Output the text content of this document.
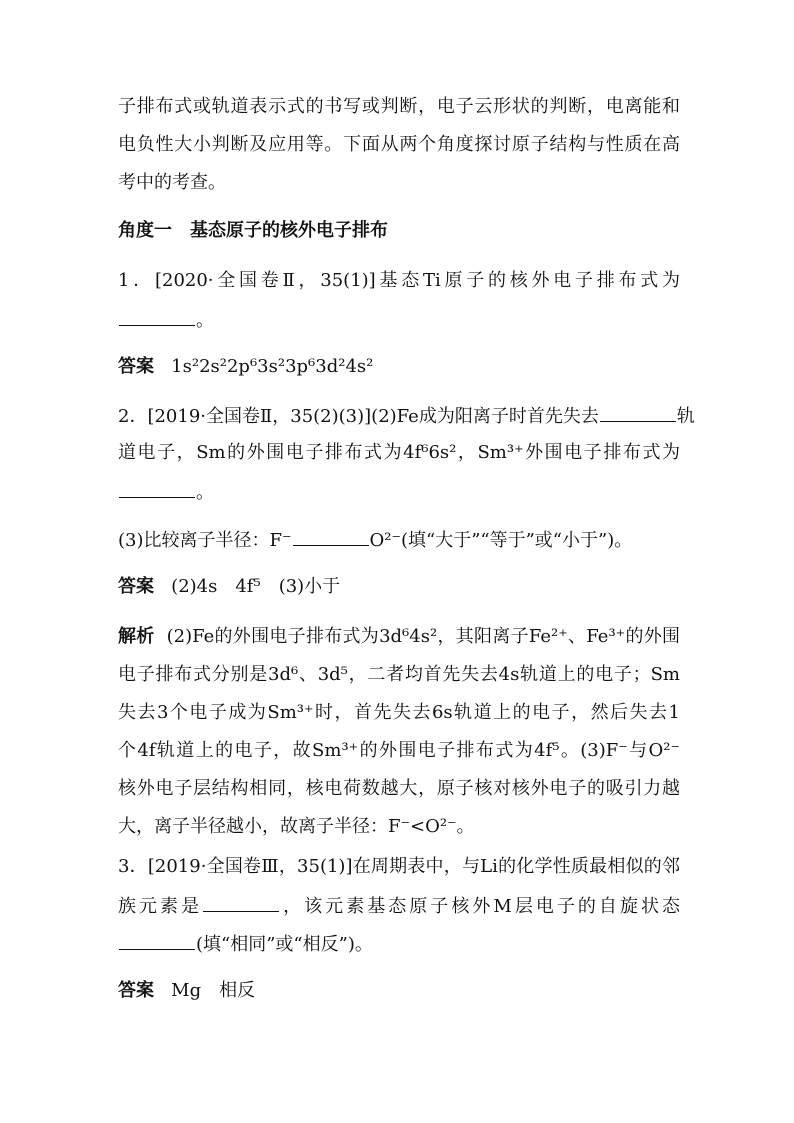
子排布式或轨道表示式的书写或判断，电子云形状的判断，电离能和
电负性大小判断及应用等。下面从两个角度探讨原子结构与性质在高
考中的考查。
角度一　基态原子的核外电子排布
1．[2020·全国卷Ⅱ，35(1)]基态Ti原子的核外电子排布式为
。
答案 1s²2s²2p⁶3s²3p⁶3d²4s²
2．[2019·全国卷Ⅱ，35(2)(3)](2)Fe成为阳离子时首先失去	轨
道电子，Sm的外围电子排布式为4f⁶6s²，Sm³⁺外围电子排布式为
。
(3)比较离子半径：F⁻	O²⁻(填“大于”“等于”或“小于”)。
答案 (2)4s　4f⁵　(3)小于
解析 (2)Fe的外围电子排布式为3d⁶4s²，其阳离子Fe²⁺、Fe³⁺的外围
电子排布式分别是3d⁶、3d⁵，二者均首先失去4s轨道上的电子；Sm
失去3个电子成为Sm³⁺时，首先失去6s轨道上的电子，然后失去1
个4f轨道上的电子，故Sm³⁺的外围电子排布式为4f⁵。(3)F⁻与O²⁻
核外电子层结构相同，核电荷数越大，原子核对核外电子的吸引力越
大，离子半径越小，故离子半径：F⁻<O²⁻。
3．[2019·全国卷Ⅲ，35(1)]在周期表中，与Li的化学性质最相似的邻
族元素是	，该元素基态原子核外M层电子的自旋状态
(填“相同”或“相反”)。
答案 Mg　相反
